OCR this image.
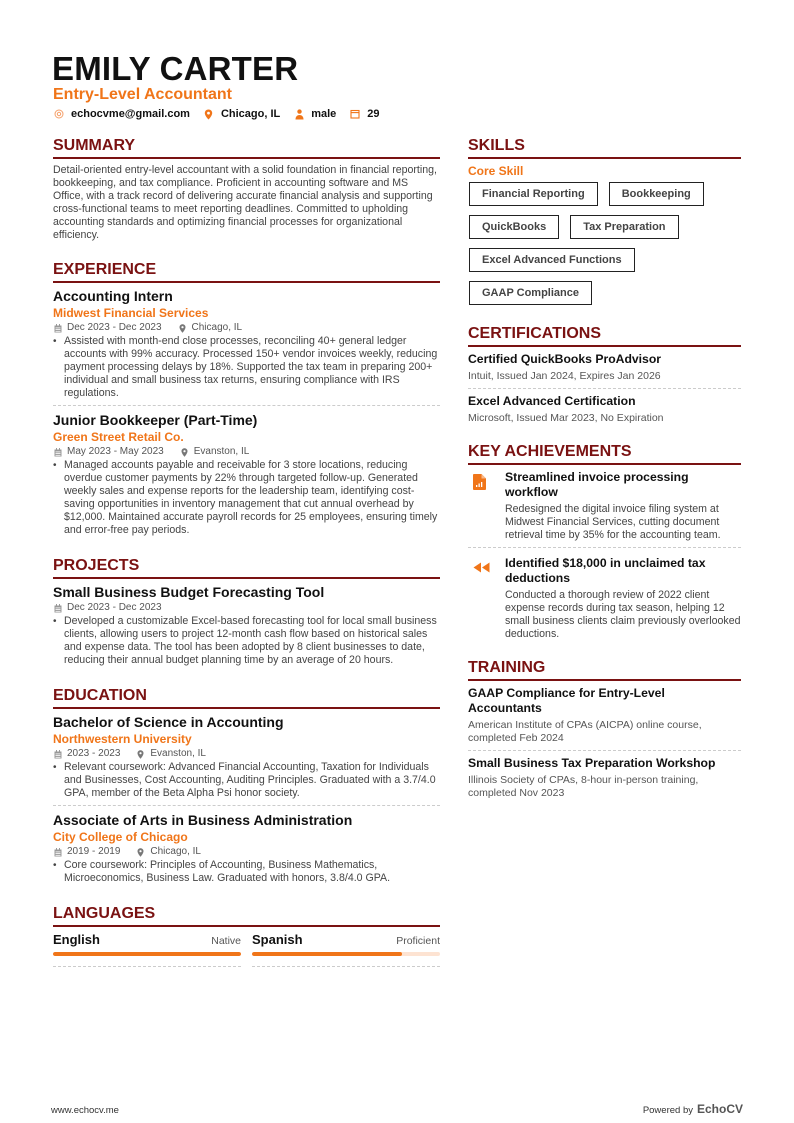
EMILY CARTER
Entry-Level Accountant
echocvme@gmail.com	Chicago, IL	male	29
SUMMARY
Detail-oriented entry-level accountant with a solid foundation in financial reporting, bookkeeping, and tax compliance. Proficient in accounting software and MS Office, with a track record of delivering accurate financial analysis and supporting cross-functional teams to meet reporting deadlines. Committed to upholding accounting standards and optimizing financial processes for organizational efficiency.
EXPERIENCE
Accounting Intern
Midwest Financial Services
Dec 2023 - Dec 2023	Chicago, IL
• Assisted with month-end close processes, reconciling 40+ general ledger accounts with 99% accuracy. Processed 150+ vendor invoices weekly, reducing payment processing delays by 18%. Supported the tax team in preparing 200+ individual and small business tax returns, ensuring compliance with IRS regulations.
Junior Bookkeeper (Part-Time)
Green Street Retail Co.
May 2023 - May 2023	Evanston, IL
• Managed accounts payable and receivable for 3 store locations, reducing overdue customer payments by 22% through targeted follow-up. Generated weekly sales and expense reports for the leadership team, identifying cost-saving opportunities in inventory management that cut annual overhead by $12,000. Maintained accurate payroll records for 25 employees, ensuring timely and error-free pay periods.
PROJECTS
Small Business Budget Forecasting Tool
Dec 2023 - Dec 2023
• Developed a customizable Excel-based forecasting tool for local small business clients, allowing users to project 12-month cash flow based on historical sales and expense data. The tool has been adopted by 8 client businesses to date, reducing their annual budget planning time by an average of 20 hours.
EDUCATION
Bachelor of Science in Accounting
Northwestern University
2023 - 2023	Evanston, IL
• Relevant coursework: Advanced Financial Accounting, Taxation for Individuals and Businesses, Cost Accounting, Auditing Principles. Graduated with a 3.7/4.0 GPA, member of the Beta Alpha Psi honor society.
Associate of Arts in Business Administration
City College of Chicago
2019 - 2019	Chicago, IL
• Core coursework: Principles of Accounting, Business Mathematics, Microeconomics, Business Law. Graduated with honors, 3.8/4.0 GPA.
LANGUAGES
English	Native Spanish	Proficient
SKILLS
Core Skill
Financial Reporting	Bookkeeping
QuickBooks	Tax Preparation
Excel Advanced Functions
GAAP Compliance
CERTIFICATIONS
Certified QuickBooks ProAdvisor
Intuit, Issued Jan 2024, Expires Jan 2026
Excel Advanced Certification
Microsoft, Issued Mar 2023, No Expiration
KEY ACHIEVEMENTS
Streamlined invoice processing workflow
Redesigned the digital invoice filing system at Midwest Financial Services, cutting document retrieval time by 35% for the accounting team.
Identified $18,000 in unclaimed tax deductions
Conducted a thorough review of 2022 client expense records during tax season, helping 12 small business clients claim previously overlooked deductions.
TRAINING
GAAP Compliance for Entry-Level Accountants
American Institute of CPAs (AICPA) online course, completed Feb 2024
Small Business Tax Preparation Workshop
Illinois Society of CPAs, 8-hour in-person training, completed Nov 2023
www.echocv.me	Powered by EchoCV
